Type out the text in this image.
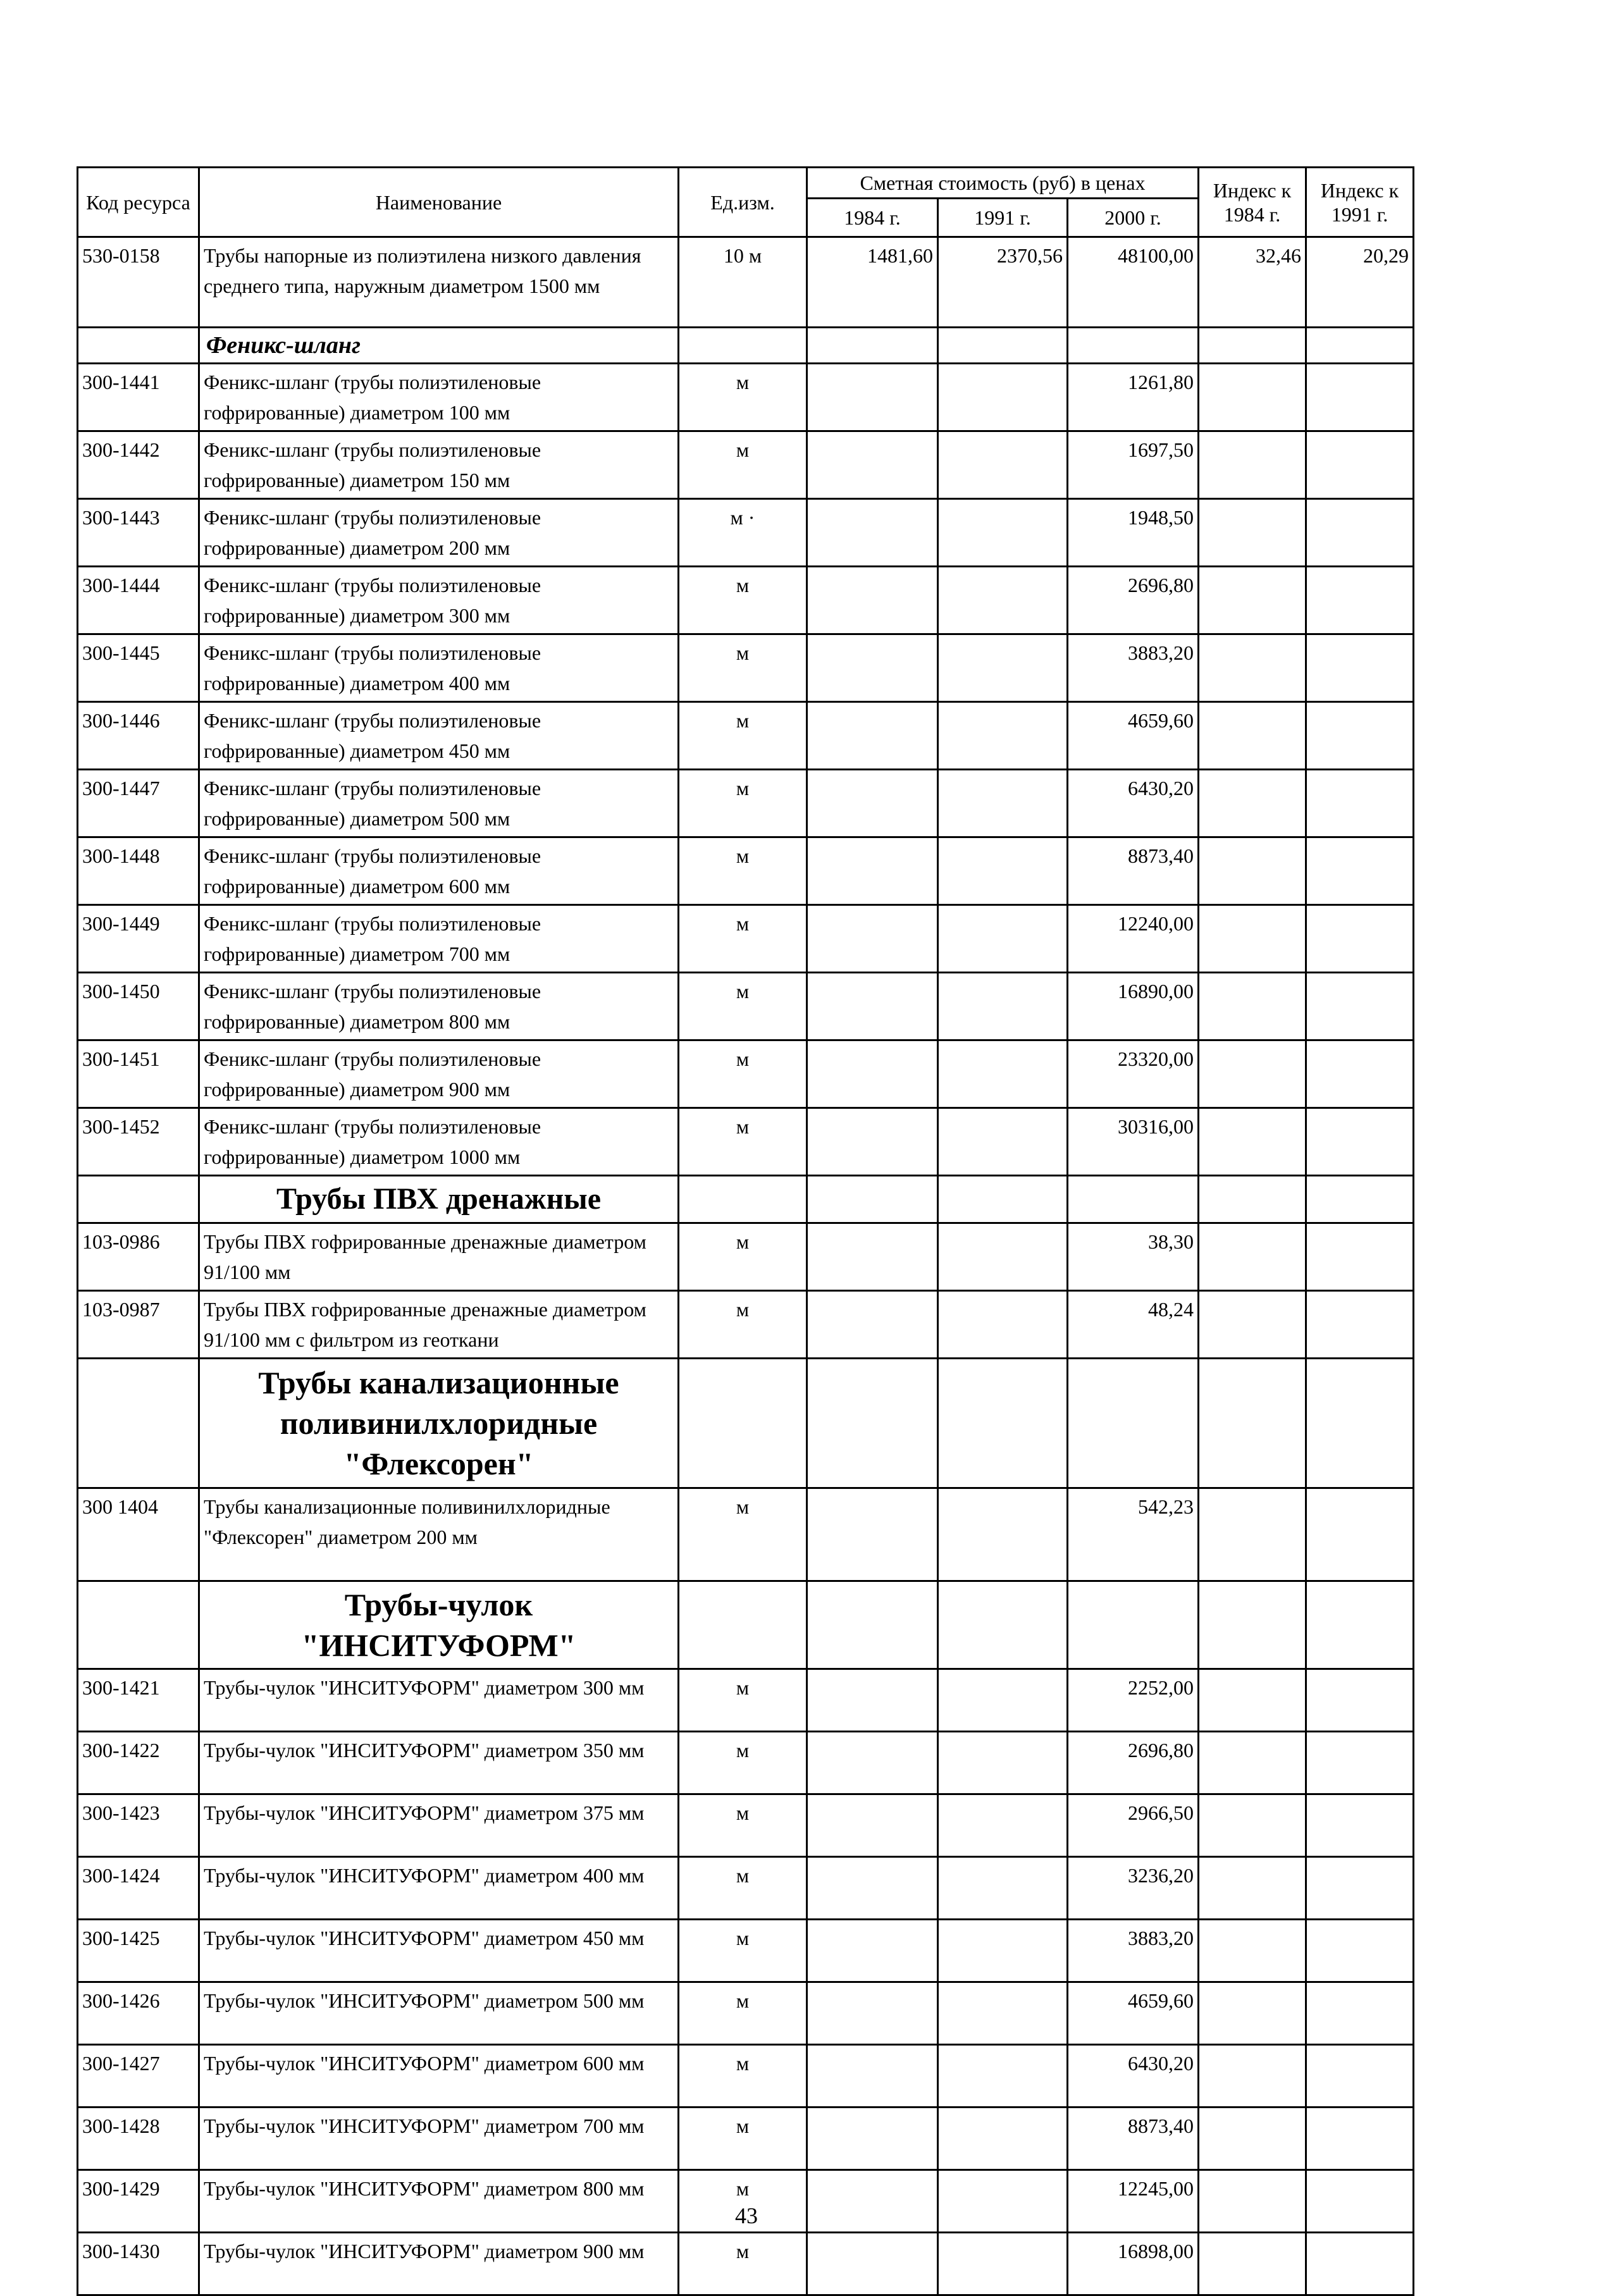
Код ресурса	Наименование	Ед.изм.	Сметная стоимость (руб) в ценах			Индекс к 1984 г.	Индекс к 1991 г.
			1984 г.	1991 г.	2000 г.		
530-0158	Трубы напорные из полиэтилена низкого давления среднего типа, наружным диаметром 1500 мм	10 м	1481,60	2370,56	48100,00	32,46	20,29

	Феникс-шланг						

300-1441	Феникс-шланг (трубы полиэтиленовые гофрированные) диаметром 100 мм	м			1261,80		
300-1442	Феникс-шланг (трубы полиэтиленовые гофрированные) диаметром 150 мм	м			1697,50		
300-1443	Феникс-шланг (трубы полиэтиленовые гофрированные) диаметром 200 мм	м ·			1948,50		
300-1444	Феникс-шланг (трубы полиэтиленовые гофрированные) диаметром 300 мм	м			2696,80		
300-1445	Феникс-шланг (трубы полиэтиленовые гофрированные) диаметром 400 мм	м			3883,20		
300-1446	Феникс-шланг (трубы полиэтиленовые гофрированные) диаметром 450 мм	м			4659,60		
300-1447	Феникс-шланг (трубы полиэтиленовые гофрированные) диаметром 500 мм	м			6430,20		
300-1448	Феникс-шланг (трубы полиэтиленовые гофрированные) диаметром 600 мм	м			8873,40		
300-1449	Феникс-шланг (трубы полиэтиленовые гофрированные) диаметром 700 мм	м			12240,00		
300-1450	Феникс-шланг (трубы полиэтиленовые гофрированные) диаметром 800 мм	м			16890,00		
300-1451	Феникс-шланг (трубы полиэтиленовые гофрированные) диаметром 900 мм	м			23320,00		
300-1452	Феникс-шланг (трубы полиэтиленовые гофрированные) диаметром 1000 мм	м			30316,00		

	Трубы ПВХ дренажные						

103-0986	Трубы ПВХ гофрированные дренажные диаметром 91/100 мм	м			38,30		
103-0987	Трубы ПВХ гофрированные дренажные диаметром 91/100 мм с фильтром из геоткани	м			48,24		

	Трубы канализационные
поливинилхлоридные
"Флексорен"						

300 1404	Трубы канализационные поливинилхлоридные "Флексорен" диаметром 200 мм	м			542,23		

	Трубы-чулок
"ИНСИТУФОРМ"						

300-1421	Трубы-чулок "ИНСИТУФОРМ" диаметром 300 мм	м			2252,00		
300-1422	Трубы-чулок "ИНСИТУФОРМ" диаметром 350 мм	м			2696,80		
300-1423	Трубы-чулок "ИНСИТУФОРМ" диаметром 375 мм	м			2966,50		
300-1424	Трубы-чулок "ИНСИТУФОРМ" диаметром 400 мм	м			3236,20		
300-1425	Трубы-чулок "ИНСИТУФОРМ" диаметром 450 мм	м			3883,20		
300-1426	Трубы-чулок "ИНСИТУФОРМ" диаметром 500 мм	м			4659,60		
300-1427	Трубы-чулок "ИНСИТУФОРМ" диаметром 600 мм	м			6430,20		
300-1428	Трубы-чулок "ИНСИТУФОРМ" диаметром 700 мм	м			8873,40		
300-1429	Трубы-чулок "ИНСИТУФОРМ" диаметром 800 мм	м			12245,00		
300-1430	Трубы-чулок "ИНСИТУФОРМ" диаметром 900 мм	м			16898,00		
43
